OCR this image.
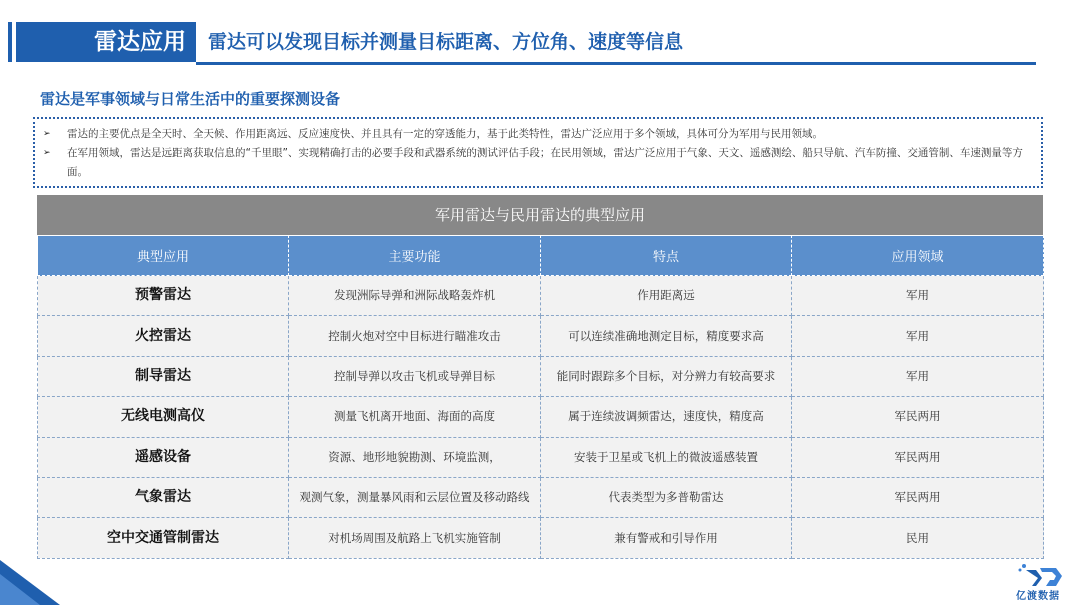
雷达应用	雷达可以发现目标并测量目标距离、方位角、速度等信息
雷达是军事领域与日常生活中的重要探测设备
➢	雷达的主要优点是全天时、全天候、作用距离远、反应速度快、并且具有一定的穿透能力，基于此类特性，雷达广泛应用于多个领域，具体可分为军用与民用领域。
➢	在军用领域，雷达是远距离获取信息的“千里眼”、实现精确打击的必要手段和武器系统的测试评估手段；在民用领域，雷达广泛应用于气象、天文、遥感测绘、船只导航、汽车防撞、交通管制、车速测量等方面。
军用雷达与民用雷达的典型应用
典型应用	主要功能	特点	应用领域
预警雷达	发现洲际导弹和洲际战略轰炸机	作用距离远	军用
火控雷达	控制火炮对空中目标进行瞄准攻击	可以连续准确地测定目标，精度要求高	军用
制导雷达	控制导弹以攻击飞机或导弹目标	能同时跟踪多个目标，对分辨力有较高要求	军用
无线电测高仪	测量飞机离开地面、海面的高度	属于连续波调频雷达，速度快，精度高	军民两用
遥感设备	资源、地形地貌勘测、环境监测，	安装于卫星或飞机上的微波遥感装置	军民两用
气象雷达	观测气象，测量暴风雨和云层位置及移动路线	代表类型为多普勒雷达	军民两用
空中交通管制雷达	对机场周围及航路上飞机实施管制	兼有警戒和引导作用	民用
亿渡数据
